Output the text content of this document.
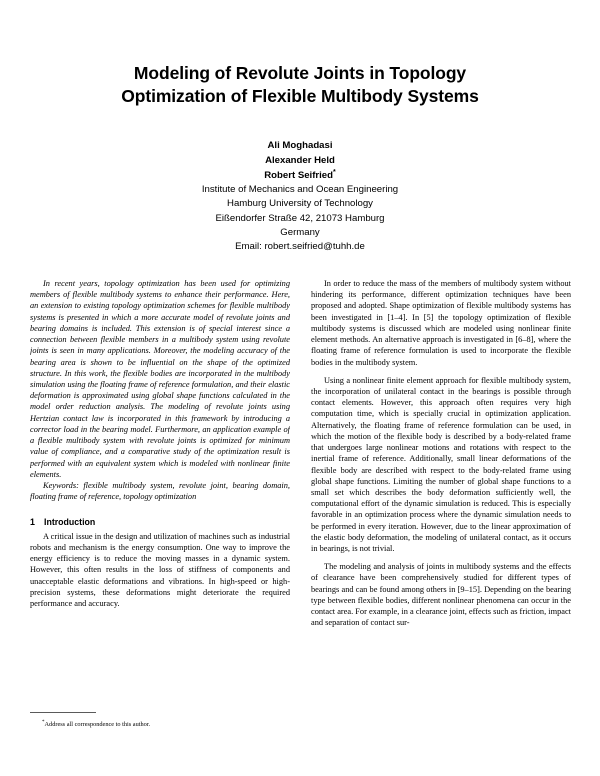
Modeling of Revolute Joints in Topology
Optimization of Flexible Multibody Systems
Ali Moghadasi
Alexander Held
Robert Seifried*
Institute of Mechanics and Ocean Engineering
Hamburg University of Technology
Eißendorfer Straße 42, 21073 Hamburg
Germany
Email: robert.seifried@tuhh.de

In recent years, topology optimization has been used for optimizing members of flexible multibody systems to enhance their performance. Here, an extension to existing topology optimization schemes for flexible multibody systems is presented in which a more accurate model of revolute joints and bearing domains is included. This extension is of special interest since a connection between flexible members in a multibody system using revolute joints is seen in many applications. Moreover, the modeling accuracy of the bearing area is shown to be influential on the shape of the optimized structure. In this work, the flexible bodies are incorporated in the multibody simulation using the floating frame of reference formulation, and their elastic deformation is approximated using global shape functions calculated in the model order reduction analysis. The modeling of revolute joints using Hertzian contact law is incorporated in this framework by introducing a corrector load in the bearing model. Furthermore, an application example of a flexible multibody system with revolute joints is optimized for minimum value of compliance, and a comparative study of the optimization result is performed with an equivalent system which is modeled with nonlinear finite elements.

Keywords: flexible multibody system, revolute joint, bearing domain, floating frame of reference, topology optimization

1 Introduction

A critical issue in the design and utilization of machines such as industrial robots and mechanism is the energy consumption. One way to improve the energy efficiency is to reduce the moving masses in a dynamic system. However, this often results in the loss of stiffness of components and unacceptable elastic deformations and vibrations. In high-speed or high-precision systems, these deformations might deteriorate the required performance and accuracy.

In order to reduce the mass of the members of multibody system without hindering its performance, different optimization techniques have been proposed and adopted. Shape optimization of flexible multibody systems has been investigated in [1–4]. In [5] the topology optimization of flexible multibody systems is discussed which are modeled using nonlinear finite element methods. An alternative approach is investigated in [6–8], where the floating frame of reference formulation is used to incorporate the flexible bodies in the multibody system.

Using a nonlinear finite element approach for flexible multibody system, the incorporation of unilateral contact in the bearings is possible through contact elements. However, this approach often requires very high computation time, which is specially crucial in optimization application. Alternatively, the floating frame of reference formulation can be used, in which the motion of the flexible body is described by a body-related frame that undergoes large nonlinear motions and rotations with respect to the inertial frame of reference. Additionally, small linear deformations of the flexible body are described with respect to the body-related frame using global shape functions. Limiting the number of global shape functions to a small set which describes the body deformation sufficiently well, the computational effort of the dynamic simulation is reduced. This is especially favorable in an optimization process where the dynamic simulation needs to be performed in every iteration. However, due to the linear approximation of the elastic body deformation, the modeling of unilateral contact, as it occurs in bearings, is not trivial.

The modeling and analysis of joints in multibody systems and the effects of clearance have been comprehensively studied for different types of bearings and can be found among others in [9–15]. Depending on the bearing type between flexible bodies, different nonlinear phenomena can occur in the contact area. For example, in a clearance joint, effects such as friction, impact and separation of contact sur-

*Address all correspondence to this author.
